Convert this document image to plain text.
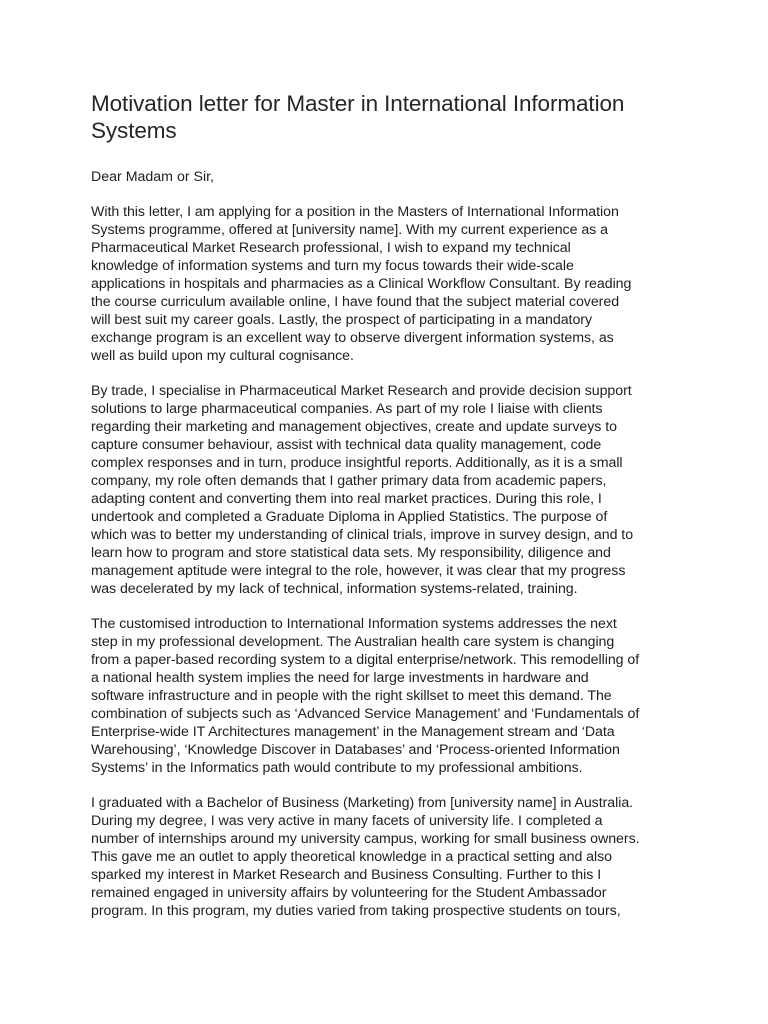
Motivation letter for Master in International Information
Systems

Dear Madam or Sir,

With this letter, I am applying for a position in the Masters of International Information
Systems programme, offered at [university name]. With my current experience as a
Pharmaceutical Market Research professional, I wish to expand my technical
knowledge of information systems and turn my focus towards their wide-scale
applications in hospitals and pharmacies as a Clinical Workflow Consultant. By reading
the course curriculum available online, I have found that the subject material covered
will best suit my career goals. Lastly, the prospect of participating in a mandatory
exchange program is an excellent way to observe divergent information systems, as
well as build upon my cultural cognisance.

By trade, I specialise in Pharmaceutical Market Research and provide decision support
solutions to large pharmaceutical companies. As part of my role I liaise with clients
regarding their marketing and management objectives, create and update surveys to
capture consumer behaviour, assist with technical data quality management, code
complex responses and in turn, produce insightful reports. Additionally, as it is a small
company, my role often demands that I gather primary data from academic papers,
adapting content and converting them into real market practices. During this role, I
undertook and completed a Graduate Diploma in Applied Statistics. The purpose of
which was to better my understanding of clinical trials, improve in survey design, and to
learn how to program and store statistical data sets. My responsibility, diligence and
management aptitude were integral to the role, however, it was clear that my progress
was decelerated by my lack of technical, information systems-related, training.

The customised introduction to International Information systems addresses the next
step in my professional development. The Australian health care system is changing
from a paper-based recording system to a digital enterprise/network. This remodelling of
a national health system implies the need for large investments in hardware and
software infrastructure and in people with the right skillset to meet this demand. The
combination of subjects such as ‘Advanced Service Management’ and ‘Fundamentals of
Enterprise-wide IT Architectures management’ in the Management stream and ‘Data
Warehousing’, ‘Knowledge Discover in Databases’ and ‘Process-oriented Information
Systems’ in the Informatics path would contribute to my professional ambitions.

I graduated with a Bachelor of Business (Marketing) from [university name] in Australia.
During my degree, I was very active in many facets of university life. I completed a
number of internships around my university campus, working for small business owners.
This gave me an outlet to apply theoretical knowledge in a practical setting and also
sparked my interest in Market Research and Business Consulting. Further to this I
remained engaged in university affairs by volunteering for the Student Ambassador
program. In this program, my duties varied from taking prospective students on tours,
